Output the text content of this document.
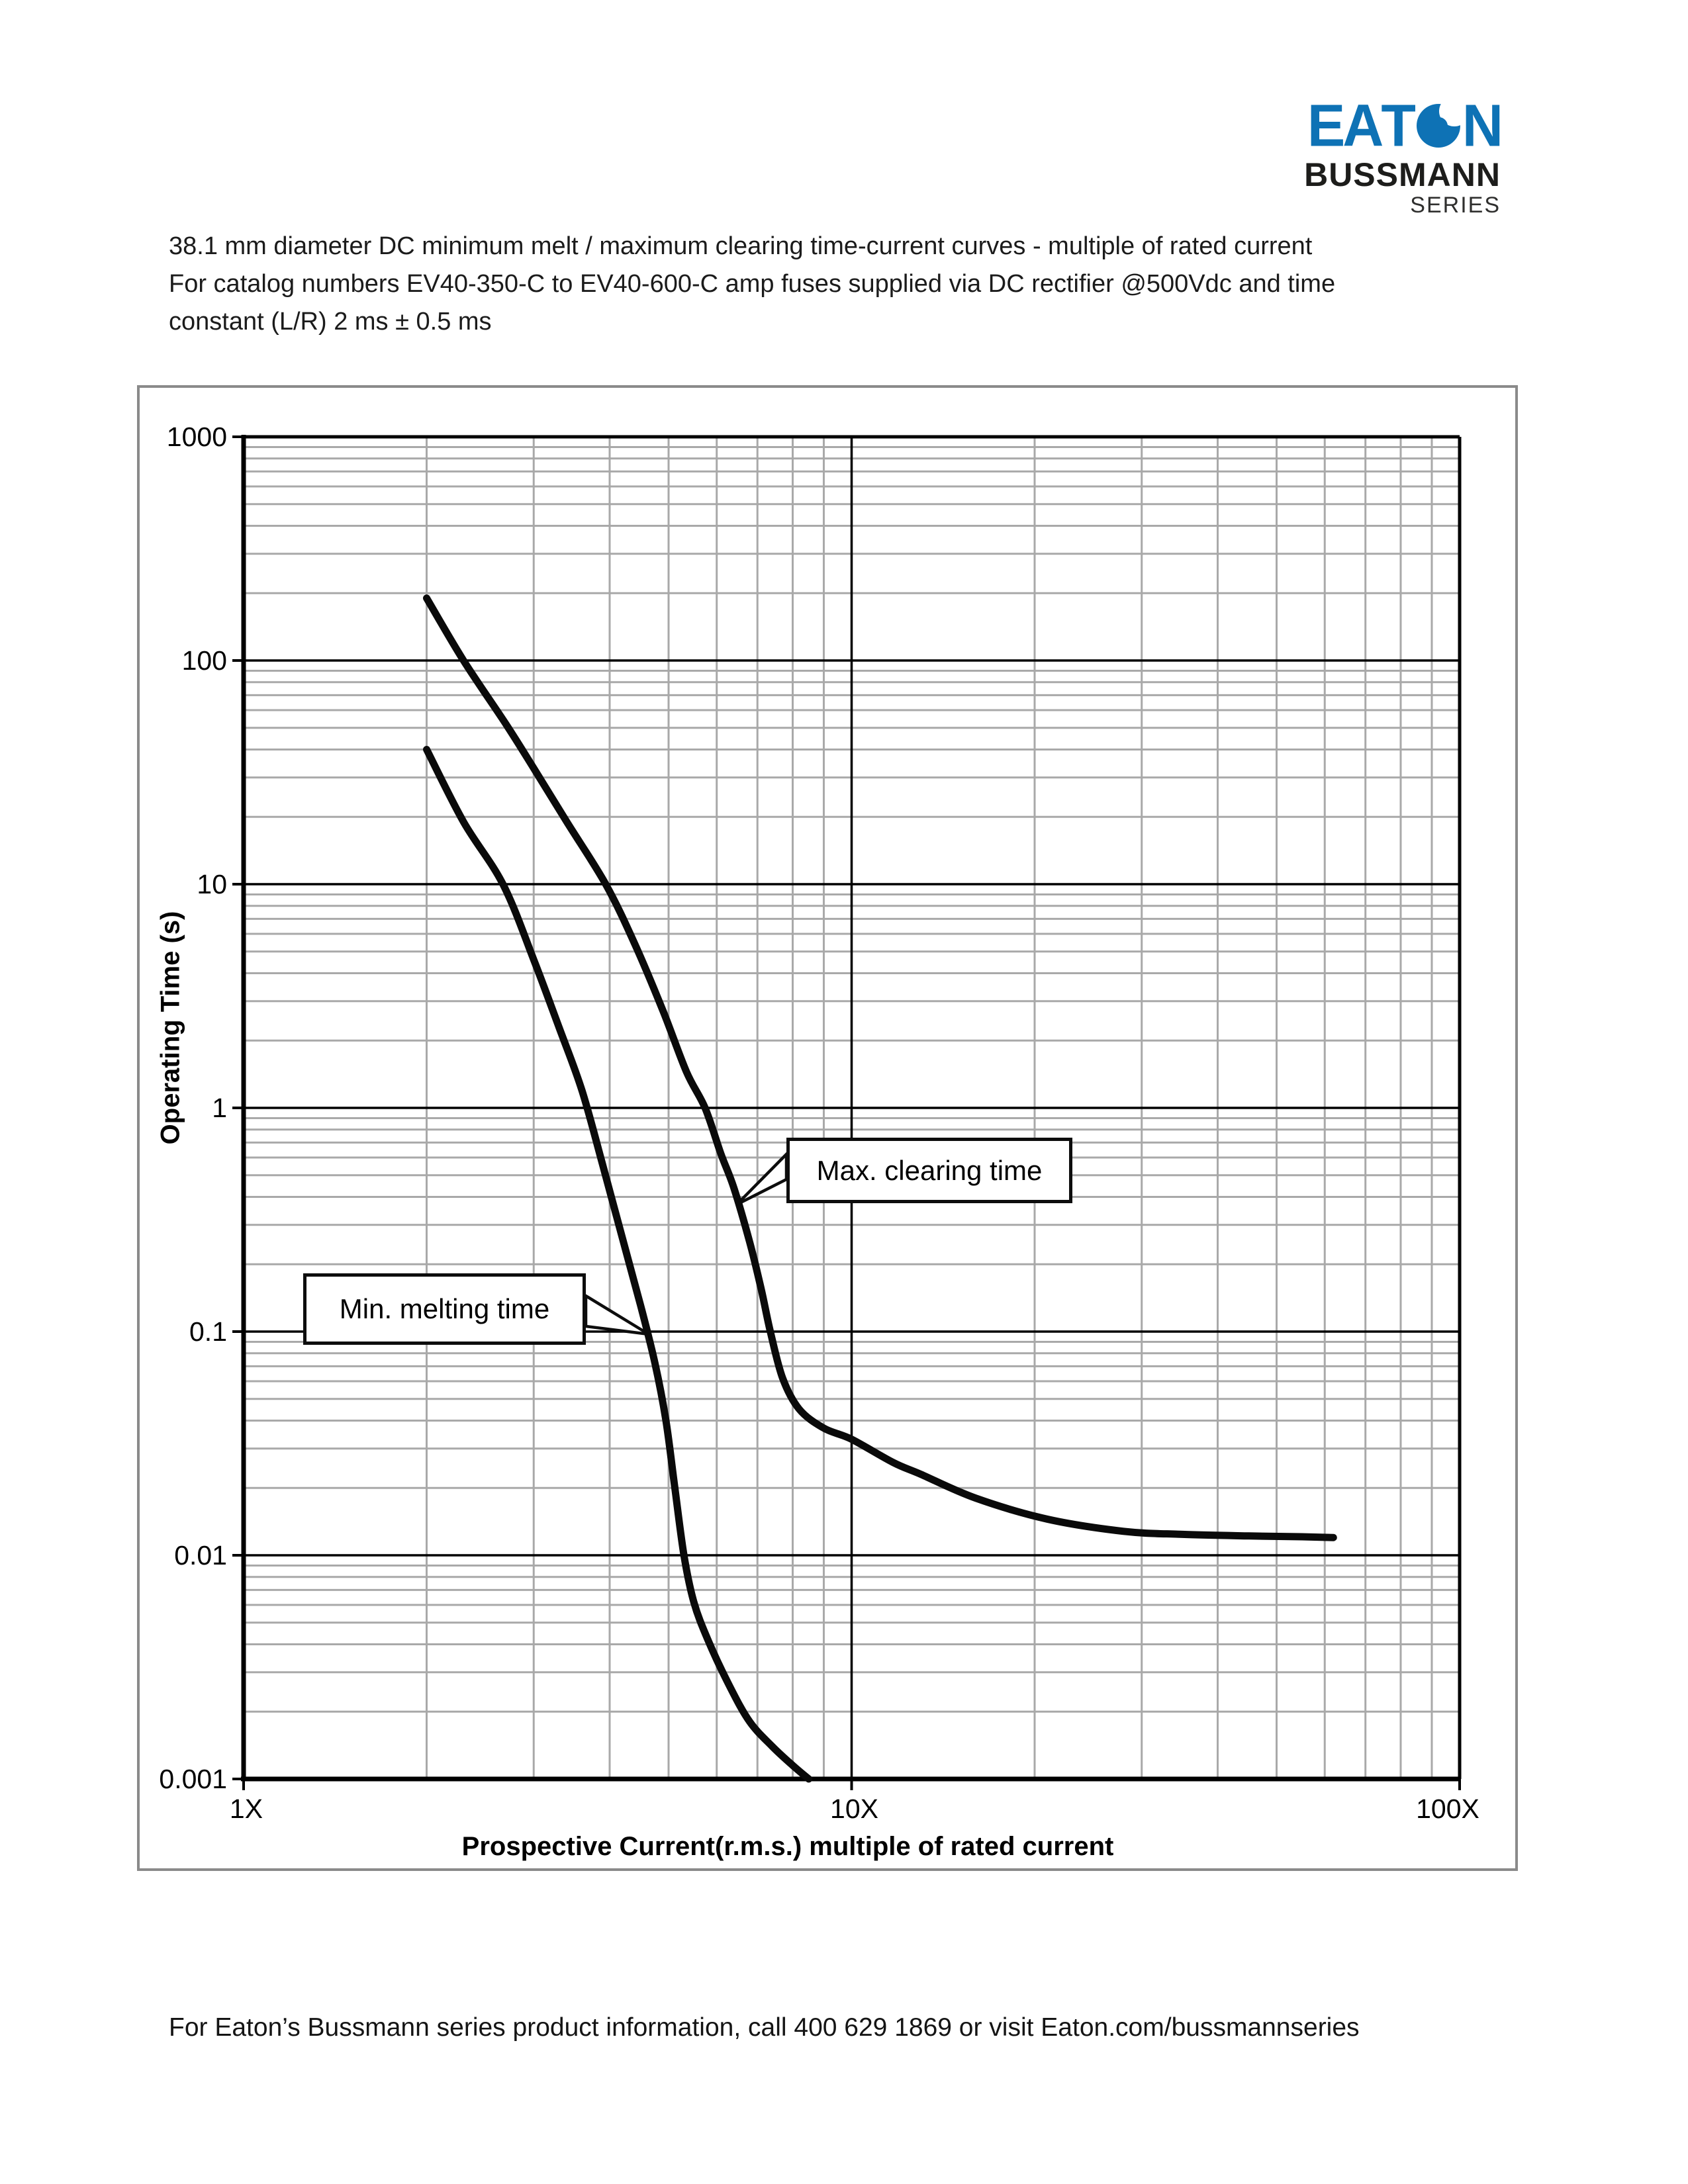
E A T N
BUSSMANN
SERIES
38.1 mm diameter DC minimum melt / maximum clearing time-current curves - multiple of rated current
For catalog numbers EV40-350-C to EV40-600-C amp fuses supplied via DC rectifier @500Vdc and time
constant (L/R) 2 ms ± 0.5 ms
1000
100
10
1
0.1
0.01
0.001
1X	10X	100X
Operating Time (s)
Prospective Current(r.m.s.) multiple of rated current
Min. melting time
Max. clearing time
For Eaton’s Bussmann series product information, call 400 629 1869 or visit Eaton.com/bussmannseries
